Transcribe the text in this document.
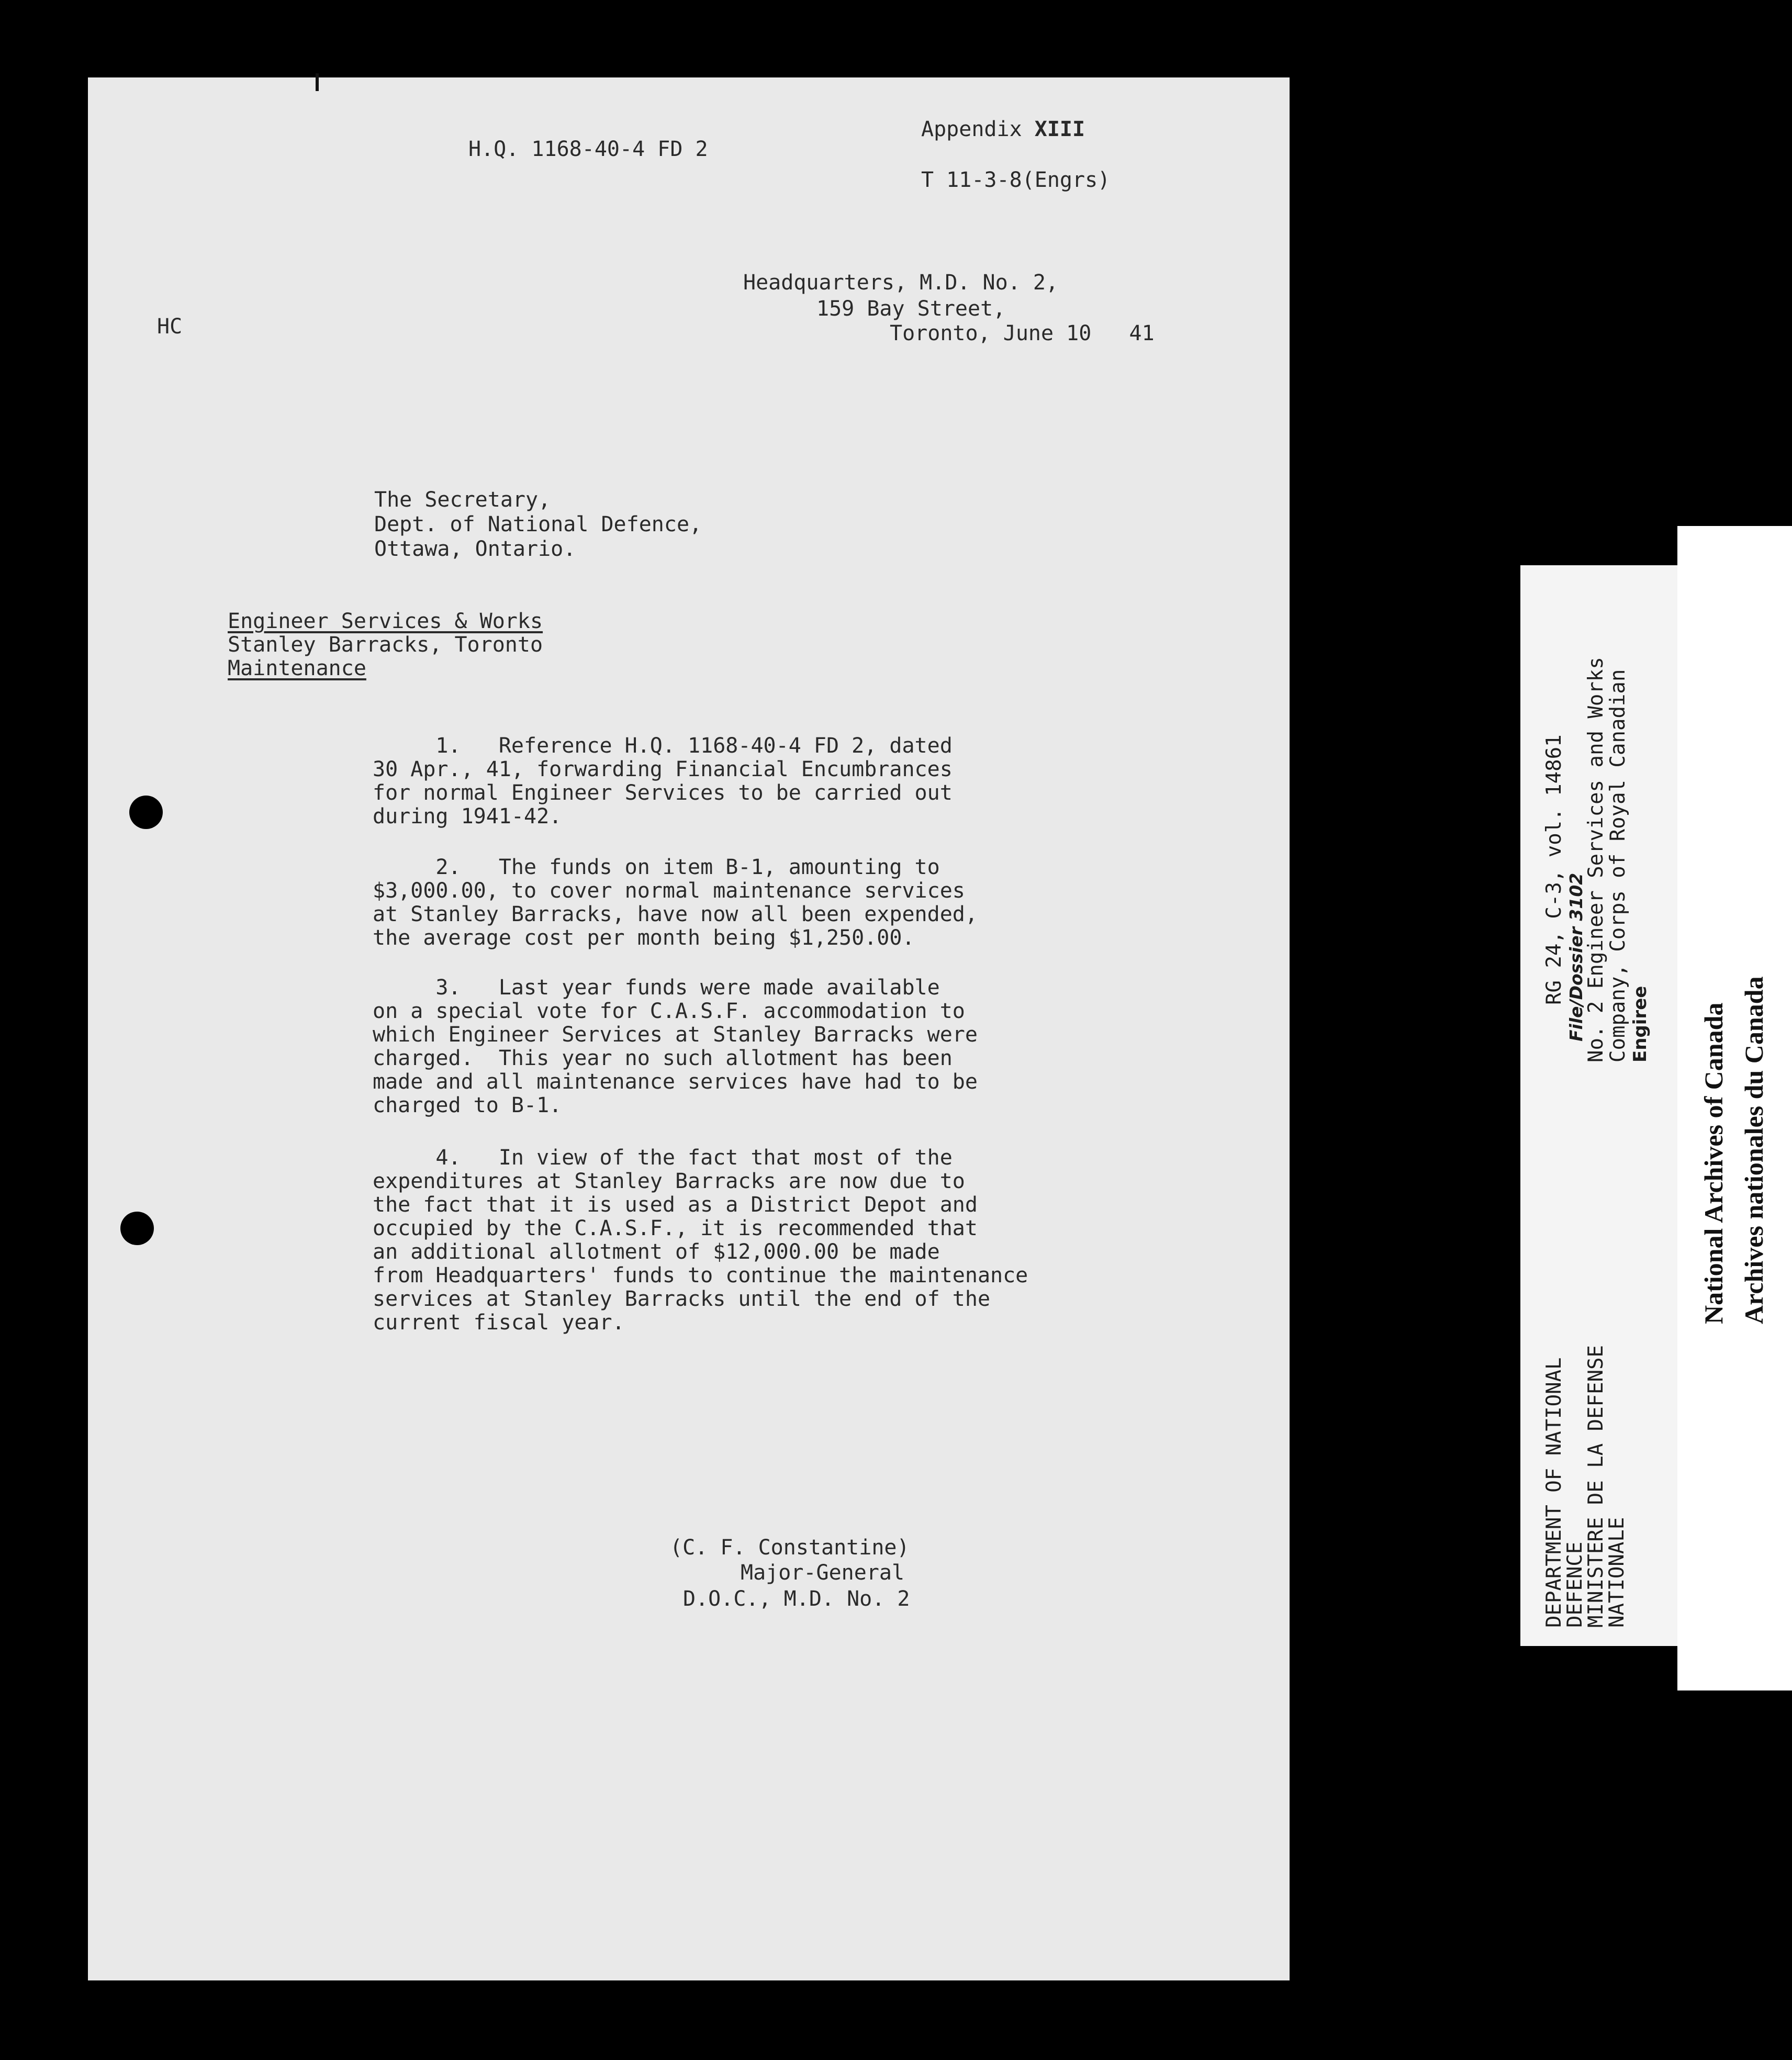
H.Q. 1168-40-4 FD 2
Appendix XIII
T 11-3-8(Engrs)
HC
Headquarters, M.D. No. 2,
159 Bay Street,
Toronto, June 10   41
The Secretary,
Dept. of National Defence,
Ottawa, Ontario.
Engineer Services & Works
Stanley Barracks, Toronto
Maintenance
1.   Reference H.Q. 1168-40-4 FD 2, dated
30 Apr., 41, forwarding Financial Encumbrances
for normal Engineer Services to be carried out
during 1941-42.
2.   The funds on item B-1, amounting to
$3,000.00, to cover normal maintenance services
at Stanley Barracks, have now all been expended,
the average cost per month being $1,250.00.
3.   Last year funds were made available
on a special vote for C.A.S.F. accommodation to
which Engineer Services at Stanley Barracks were
charged.  This year no such allotment has been
made and all maintenance services have had to be
charged to B-1.
4.   In view of the fact that most of the
expenditures at Stanley Barracks are now due to
the fact that it is used as a District Depot and
occupied by the C.A.S.F., it is recommended that
an additional allotment of $12,000.00 be made
from Headquarters' funds to continue the maintenance
services at Stanley Barracks until the end of the
current fiscal year.
(C. F. Constantine)
Major-General
D.O.C., M.D. No. 2	DEPARTMENT OF NATIONAL
DEFENCE
MINISTERE DE LA DEFENSE
NATIONALE
RG 24, C-3, vol. 14861 File/Dossier 3102
No. 2 Engineer Services and Works
Company, Corps of Royal Canadian Engiree National Archives of Canada Archives nationales du Canada
